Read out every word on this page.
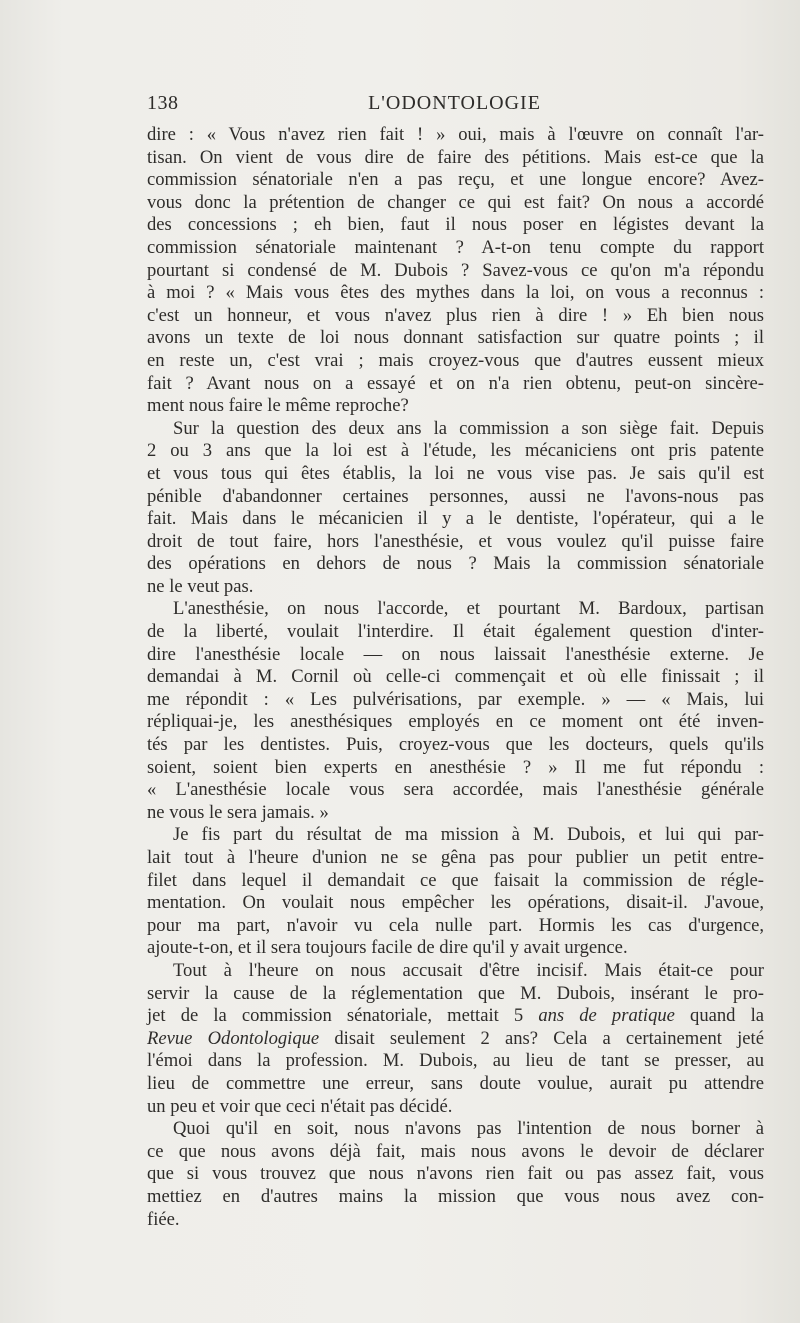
138	L'ODONTOLOGIE
dire : « Vous n'avez rien fait ! » oui, mais à l'œuvre on connaît l'ar-
tisan. On vient de vous dire de faire des pétitions. Mais est-ce que la
commission sénatoriale n'en a pas reçu, et une longue encore? Avez-
vous donc la prétention de changer ce qui est fait? On nous a accordé
des concessions ; eh bien, faut il nous poser en légistes devant la
commission sénatoriale maintenant ? A-t-on tenu compte du rapport
pourtant si condensé de M. Dubois ? Savez-vous ce qu'on m'a répondu
à moi ? « Mais vous êtes des mythes dans la loi, on vous a reconnus :
c'est un honneur, et vous n'avez plus rien à dire ! » Eh bien nous
avons un texte de loi nous donnant satisfaction sur quatre points ; il
en reste un, c'est vrai ; mais croyez-vous que d'autres eussent mieux
fait ? Avant nous on a essayé et on n'a rien obtenu, peut-on sincère-
ment nous faire le même reproche?
Sur la question des deux ans la commission a son siège fait. Depuis
2 ou 3 ans que la loi est à l'étude, les mécaniciens ont pris patente
et vous tous qui êtes établis, la loi ne vous vise pas. Je sais qu'il est
pénible d'abandonner certaines personnes, aussi ne l'avons-nous pas
fait. Mais dans le mécanicien il y a le dentiste, l'opérateur, qui a le
droit de tout faire, hors l'anesthésie, et vous voulez qu'il puisse faire
des opérations en dehors de nous ? Mais la commission sénatoriale
ne le veut pas.
L'anesthésie, on nous l'accorde, et pourtant M. Bardoux, partisan
de la liberté, voulait l'interdire. Il était également question d'inter-
dire l'anesthésie locale — on nous laissait l'anesthésie externe. Je
demandai à M. Cornil où celle-ci commençait et où elle finissait ; il
me répondit : « Les pulvérisations, par exemple. » — « Mais, lui
répliquai-je, les anesthésiques employés en ce moment ont été inven-
tés par les dentistes. Puis, croyez-vous que les docteurs, quels qu'ils
soient, soient bien experts en anesthésie ? » Il me fut répondu :
« L'anesthésie locale vous sera accordée, mais l'anesthésie générale
ne vous le sera jamais. »
Je fis part du résultat de ma mission à M. Dubois, et lui qui par-
lait tout à l'heure d'union ne se gêna pas pour publier un petit entre-
filet dans lequel il demandait ce que faisait la commission de régle-
mentation. On voulait nous empêcher les opérations, disait-il. J'avoue,
pour ma part, n'avoir vu cela nulle part. Hormis les cas d'urgence,
ajoute-t-on, et il sera toujours facile de dire qu'il y avait urgence.
Tout à l'heure on nous accusait d'être incisif. Mais était-ce pour
servir la cause de la réglementation que M. Dubois, insérant le pro-
jet de la commission sénatoriale, mettait 5 ans de pratique quand la
Revue Odontologique disait seulement 2 ans? Cela a certainement jeté
l'émoi dans la profession. M. Dubois, au lieu de tant se presser, au
lieu de commettre une erreur, sans doute voulue, aurait pu attendre
un peu et voir que ceci n'était pas décidé.
Quoi qu'il en soit, nous n'avons pas l'intention de nous borner à
ce que nous avons déjà fait, mais nous avons le devoir de déclarer
que si vous trouvez que nous n'avons rien fait ou pas assez fait, vous
mettiez en d'autres mains la mission que vous nous avez con-
fiée.
